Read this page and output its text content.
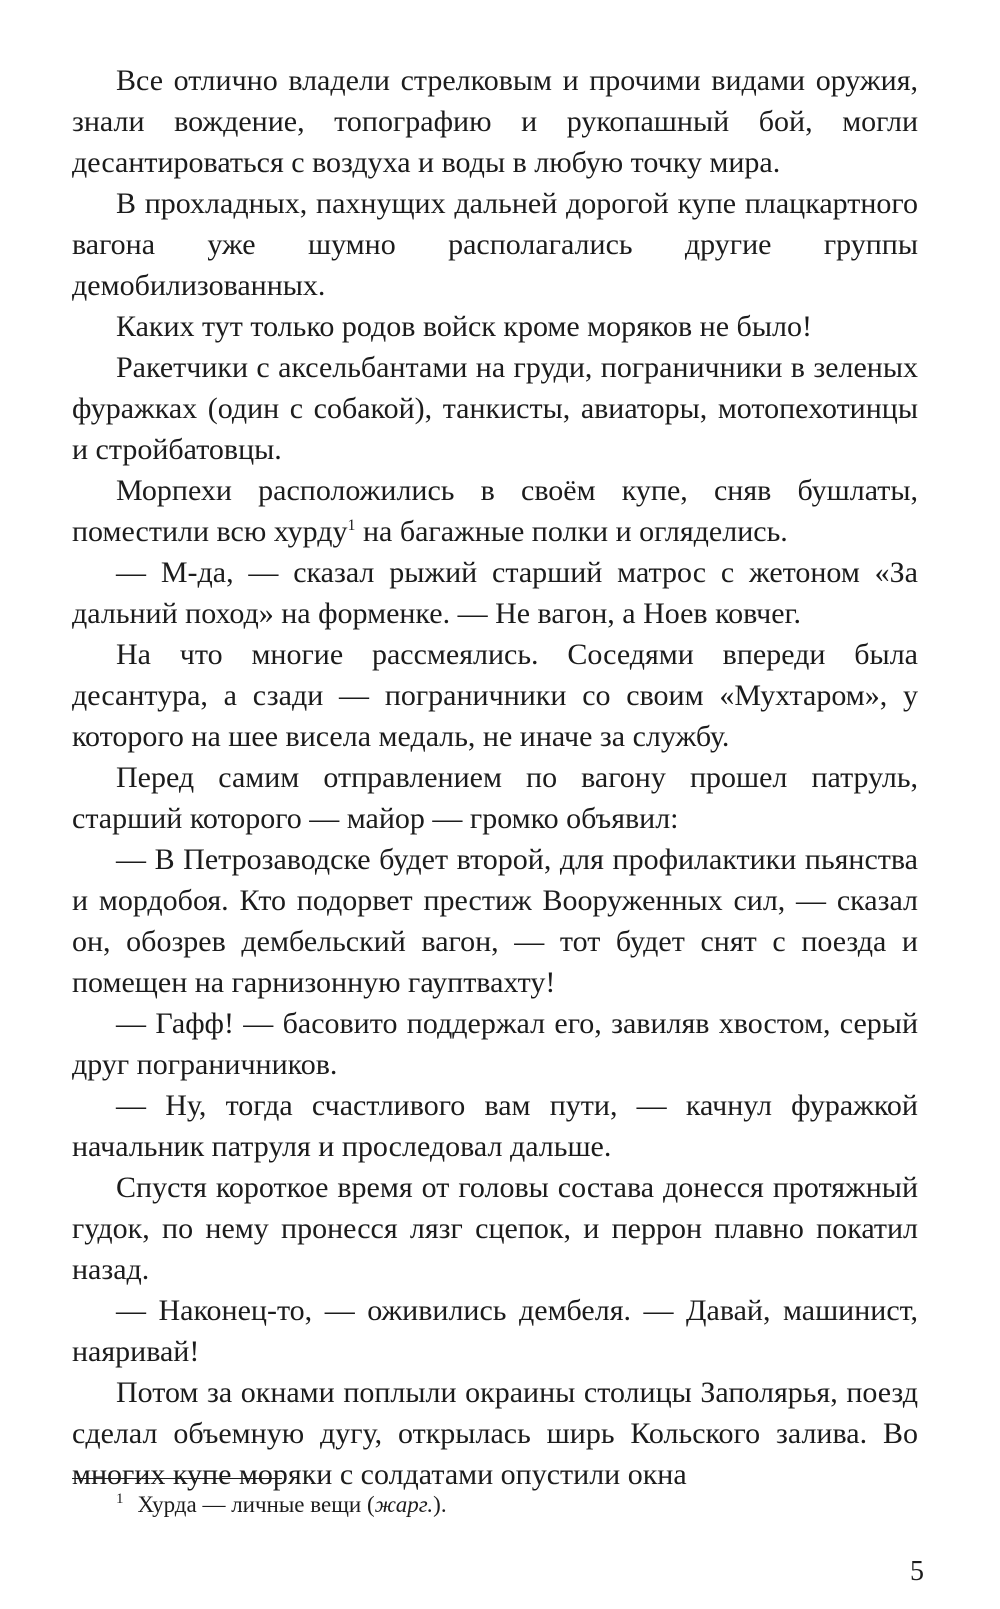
Все отлично владели стрелковым и прочими видами оружия, знали вождение, топографию и рукопашный бой, могли десантироваться с воздуха и воды в любую точку мира.

В прохладных, пахнущих дальней дорогой купе плацкартного вагона уже шумно располагались другие группы демобилизованных.

Каких тут только родов войск кроме моряков не было!

Ракетчики с аксельбантами на груди, пограничники в зеленых фуражках (один с собакой), танкисты, авиаторы, мотопехотинцы и стройбатовцы.

Морпехи расположились в своём купе, сняв бушлаты, поместили всю хурду$^1$ на багажные полки и огляделись.

— М-да, — сказал рыжий старший матрос с жетоном «За дальний поход» на форменке. — Не вагон, а Ноев ковчег.

На что многие рассмеялись. Соседями впереди была десантура, а сзади — пограничники со своим «Мухтаром», у которого на шее висела медаль, не иначе за службу.

Перед самим отправлением по вагону прошел патруль, старший которого — майор — громко объявил:

— В Петрозаводске будет второй, для профилактики пьянства и мордобоя. Кто подорвет престиж Вооруженных сил, — сказал он, обозрев дембельский вагон, — тот будет снят с поезда и помещен на гарнизонную гауптвахту!

— Гафф! — басовито поддержал его, завиляв хвостом, серый друг пограничников.

— Ну, тогда счастливого вам пути, — качнул фуражкой начальник патруля и проследовал дальше.

Спустя короткое время от головы состава донесся протяжный гудок, по нему пронесся лязг сцепок, и перрон плавно покатил назад.

— Наконец-то, — оживились дембеля. — Давай, машинист, наяривай!

Потом за окнами поплыли окраины столицы Заполярья, поезд сделал объемную дугу, открылась ширь Кольского залива. Во многих купе моряки с солдатами опустили окна

$^1$ Хурда — личные вещи (жарг.).
5
